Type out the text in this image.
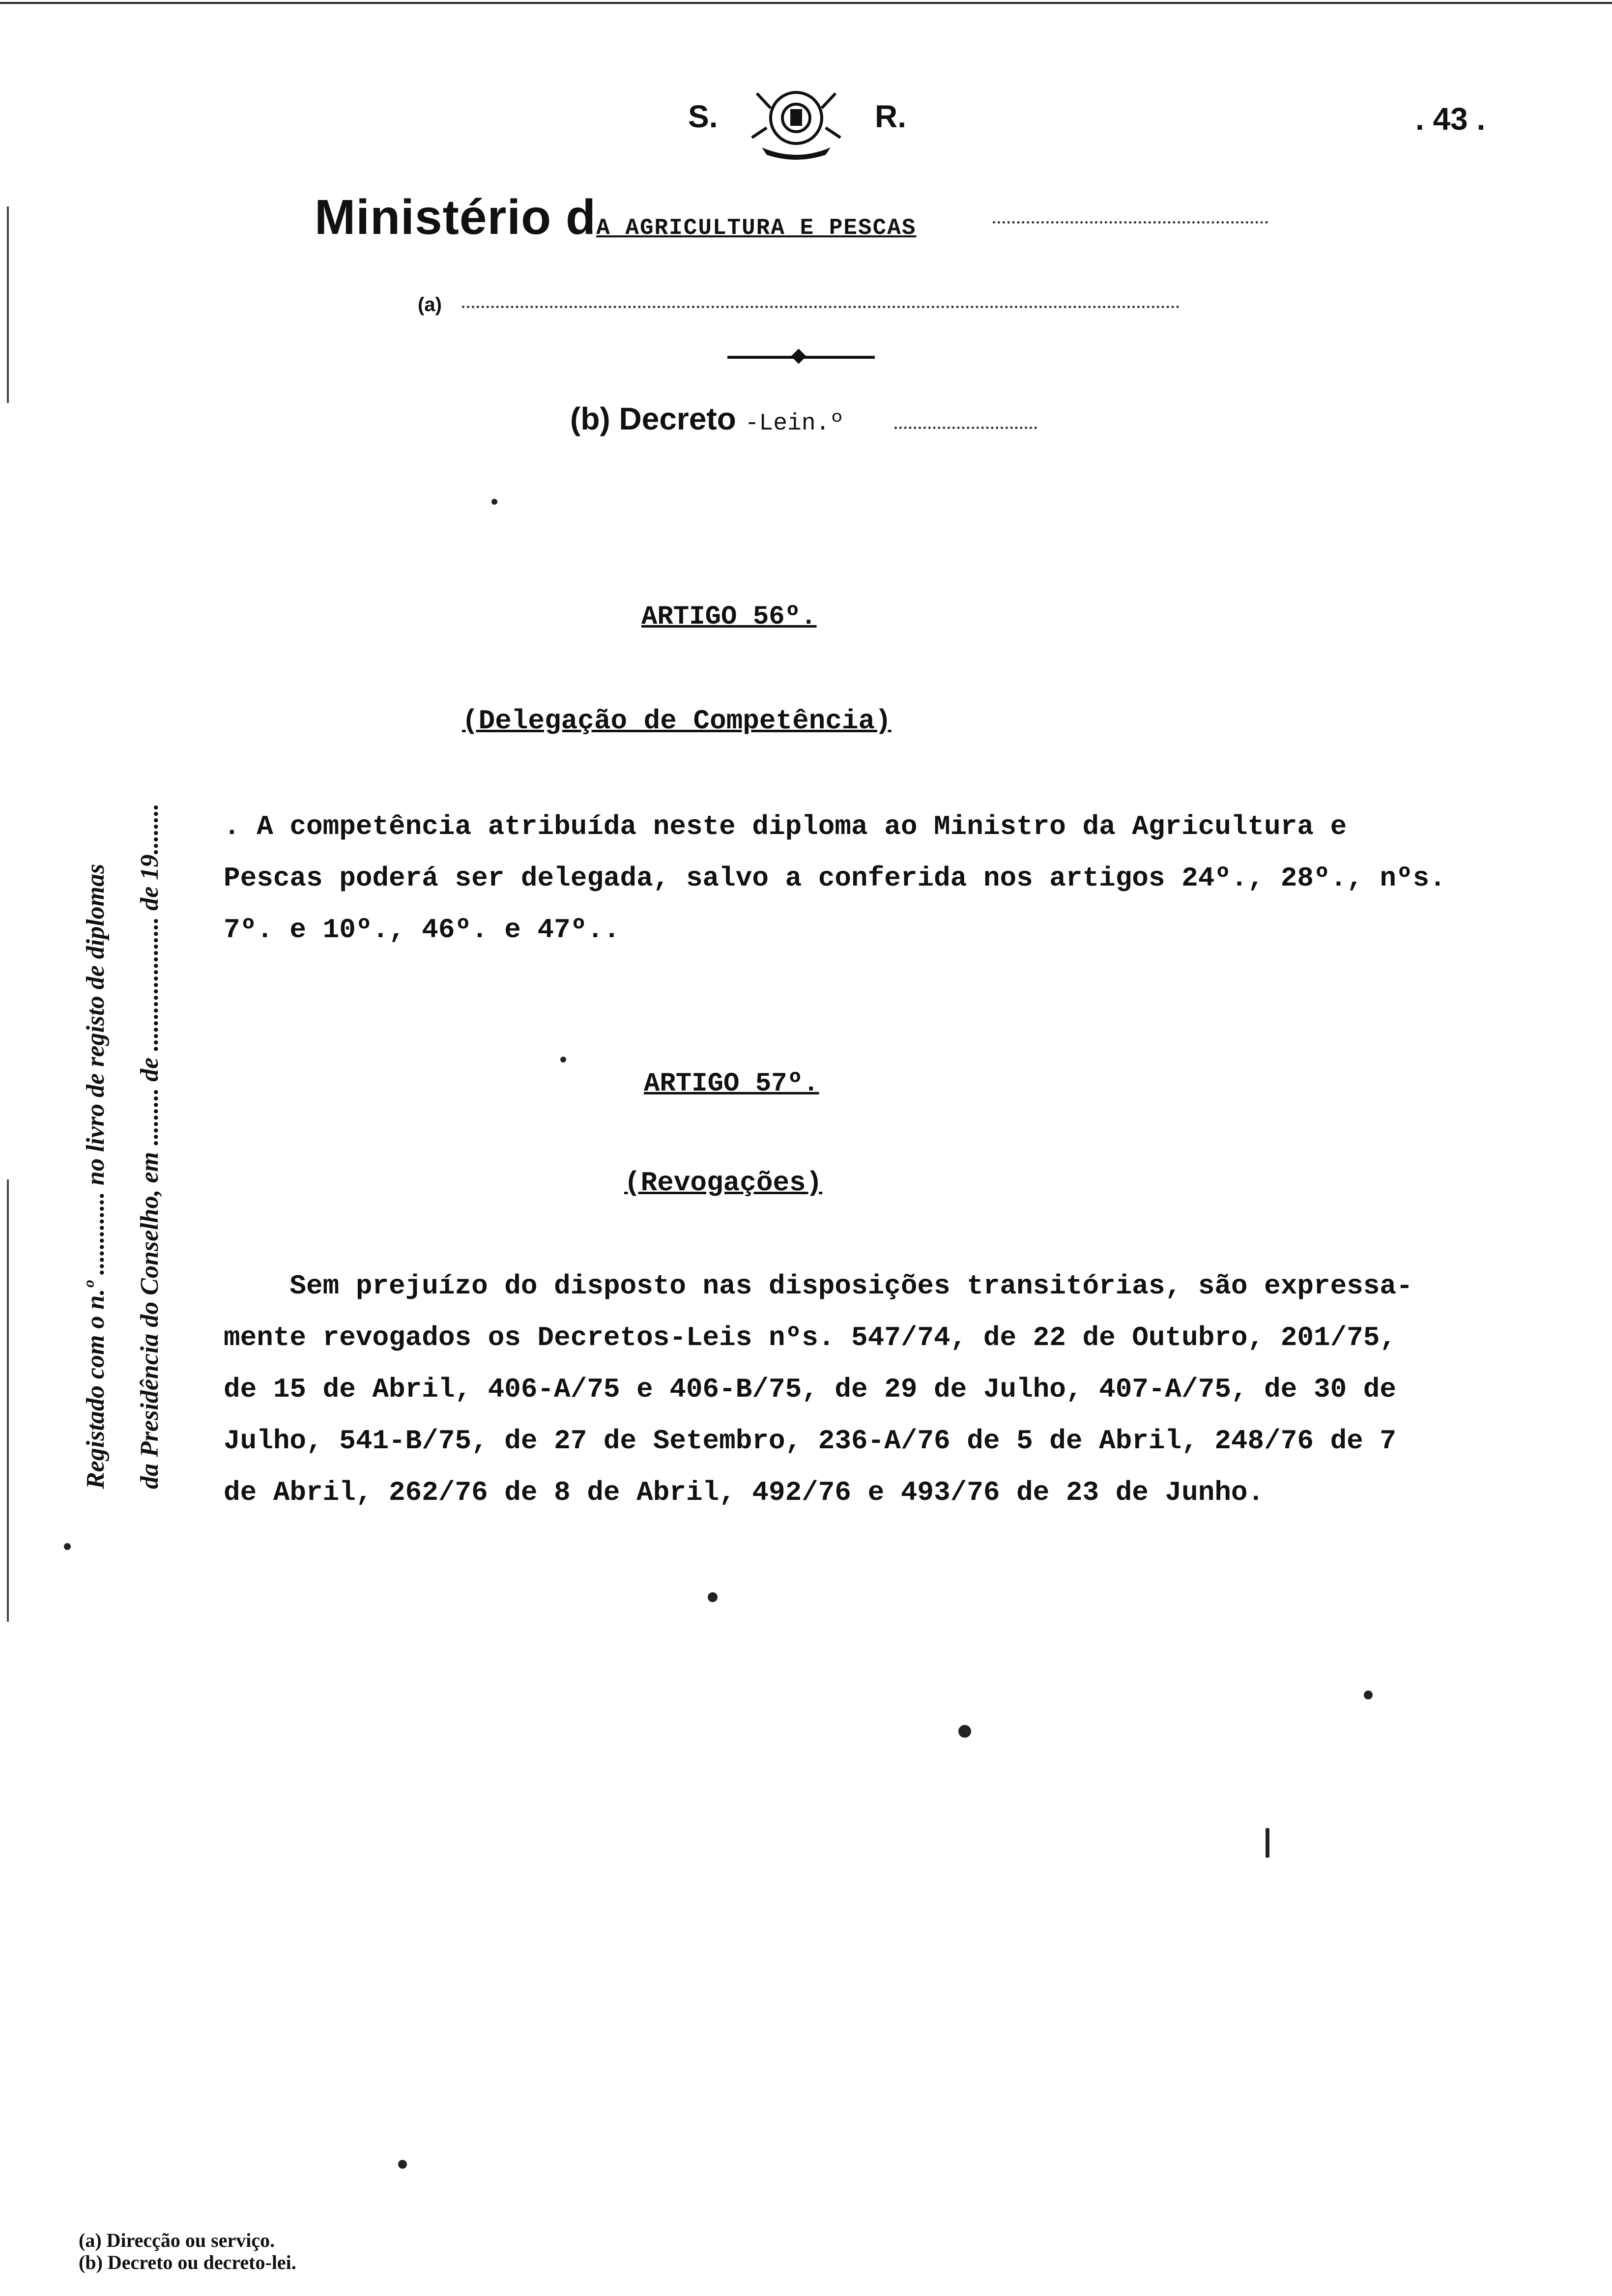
S.	R.	. 43 .
Ministério dA AGRICULTURA E PESCAS
(a)
(b) Decreto -Lein.º
ARTIGO 56º.
(Delegação de Competência)
. A competência atribuída neste diploma ao Ministro da Agricultura e
Pescas poderá ser delegada, salvo a conferida nos artigos 24º., 28º., nºs.
7º. e 10º., 46º. e 47º..
ARTIGO 57º.
(Revogações)
Sem prejuízo do disposto nas disposições transitórias, são expressa-
mente revogados os Decretos-Leis nºs. 547/74, de 22 de Outubro, 201/75,
de 15 de Abril, 406-A/75 e 406-B/75, de 29 de Julho, 407-A/75, de 30 de
Julho, 541-B/75, de 27 de Setembro, 236-A/76 de 5 de Abril, 248/76 de 7
de Abril, 262/76 de 8 de Abril, 492/76 e 493/76 de 23 de Junho.
Registado com o n.º ............. no livro de registo de diplomas da Presidência do Conselho, em ......... de ..................... de 19........
(a) Direcção ou serviço.
(b) Decreto ou decreto-lei.
